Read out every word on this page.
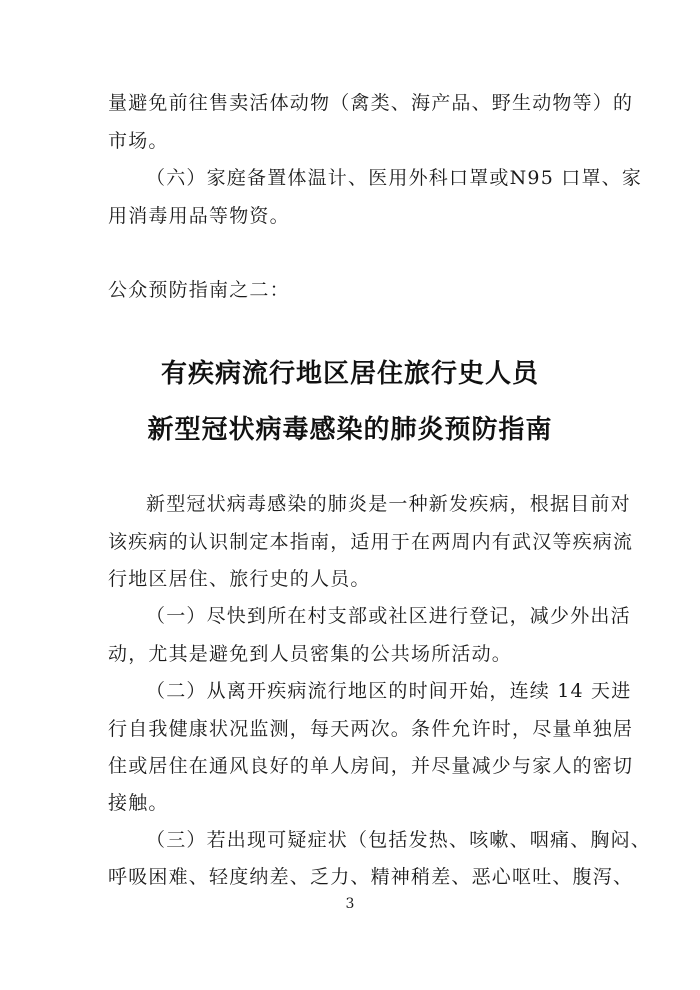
量避免前往售卖活体动物（禽类、海产品、野生动物等）的
市场。
（六）家庭备置体温计、医用外科口罩或N95 口罩、家
用消毒用品等物资。
公众预防指南之二：
有疾病流行地区居住旅行史人员
新型冠状病毒感染的肺炎预防指南
新型冠状病毒感染的肺炎是一种新发疾病，根据目前对
该疾病的认识制定本指南，适用于在两周内有武汉等疾病流
行地区居住、旅行史的人员。
（一）尽快到所在村支部或社区进行登记，减少外出活
动，尤其是避免到人员密集的公共场所活动。
（二）从离开疾病流行地区的时间开始，连续 14 天进
行自我健康状况监测，每天两次。条件允许时，尽量单独居
住或居住在通风良好的单人房间，并尽量减少与家人的密切
接触。
（三）若出现可疑症状（包括发热、咳嗽、咽痛、胸闷、
呼吸困难、轻度纳差、乏力、精神稍差、恶心呕吐、腹泻、
3
